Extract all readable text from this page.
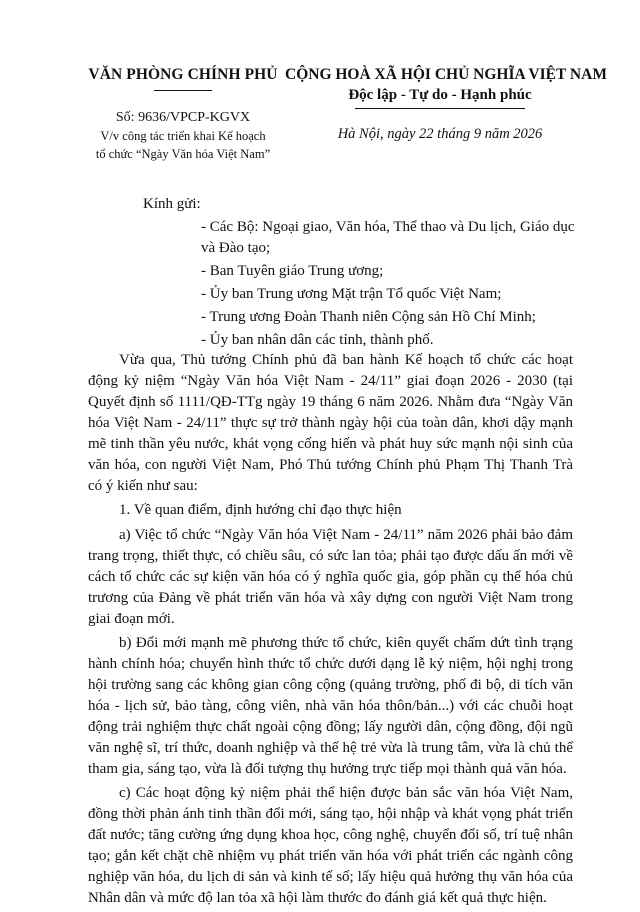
VĂN PHÒNG CHÍNH PHỦ
Số: 9636/VPCP-KGVX
V/v công tác triển khai Kế hoạch
tổ chức “Ngày Văn hóa Việt Nam”
CỘNG HOÀ XÃ HỘI CHỦ NGHĨA VIỆT NAM
Độc lập - Tự do - Hạnh phúc
Hà Nội, ngày 22 tháng 9 năm 2026
Kính gửi:
- Các Bộ: Ngoại giao, Văn hóa, Thể thao và Du lịch, Giáo dục và Đào tạo;
- Ban Tuyên giáo Trung ương;
- Ủy ban Trung ương Mặt trận Tổ quốc Việt Nam;
- Trung ương Đoàn Thanh niên Cộng sản Hồ Chí Minh;
- Ủy ban nhân dân các tỉnh, thành phố.

Vừa qua, Thủ tướng Chính phủ đã ban hành Kế hoạch tổ chức các hoạt động kỷ niệm “Ngày Văn hóa Việt Nam - 24/11” giai đoạn 2026 - 2030 (tại Quyết định số 1111/QĐ-TTg ngày 19 tháng 6 năm 2026. Nhằm đưa “Ngày Văn hóa Việt Nam - 24/11” thực sự trở thành ngày hội của toàn dân, khơi dậy mạnh mẽ tinh thần yêu nước, khát vọng cống hiến và phát huy sức mạnh nội sinh của văn hóa, con người Việt Nam, Phó Thủ tướng Chính phủ Phạm Thị Thanh Trà có ý kiến như sau:

1. Về quan điểm, định hướng chỉ đạo thực hiện

a) Việc tổ chức “Ngày Văn hóa Việt Nam - 24/11” năm 2026 phải bảo đảm trang trọng, thiết thực, có chiều sâu, có sức lan tỏa; phải tạo được dấu ấn mới về cách tổ chức các sự kiện văn hóa có ý nghĩa quốc gia, góp phần cụ thể hóa chủ trương của Đảng về phát triển văn hóa và xây dựng con người Việt Nam trong giai đoạn mới.

b) Đổi mới mạnh mẽ phương thức tổ chức, kiên quyết chấm dứt tình trạng hành chính hóa; chuyển hình thức tổ chức dưới dạng lễ kỷ niệm, hội nghị trong hội trường sang các không gian công cộng (quảng trường, phố đi bộ, di tích văn hóa - lịch sử, bảo tàng, công viên, nhà văn hóa thôn/bản...) với các chuỗi hoạt động trải nghiệm thực chất ngoài cộng đồng; lấy người dân, cộng đồng, đội ngũ văn nghệ sĩ, trí thức, doanh nghiệp và thế hệ trẻ vừa là trung tâm, vừa là chủ thể tham gia, sáng tạo, vừa là đối tượng thụ hưởng trực tiếp mọi thành quả văn hóa.

c) Các hoạt động kỷ niệm phải thể hiện được bản sắc văn hóa Việt Nam, đồng thời phản ánh tinh thần đổi mới, sáng tạo, hội nhập và khát vọng phát triển đất nước; tăng cường ứng dụng khoa học, công nghệ, chuyển đổi số, trí tuệ nhân tạo; gắn kết chặt chẽ nhiệm vụ phát triển văn hóa với phát triển các ngành công nghiệp văn hóa, du lịch di sản và kinh tế số; lấy hiệu quả hưởng thụ văn hóa của Nhân dân và mức độ lan tỏa xã hội làm thước đo đánh giá kết quả thực hiện.
